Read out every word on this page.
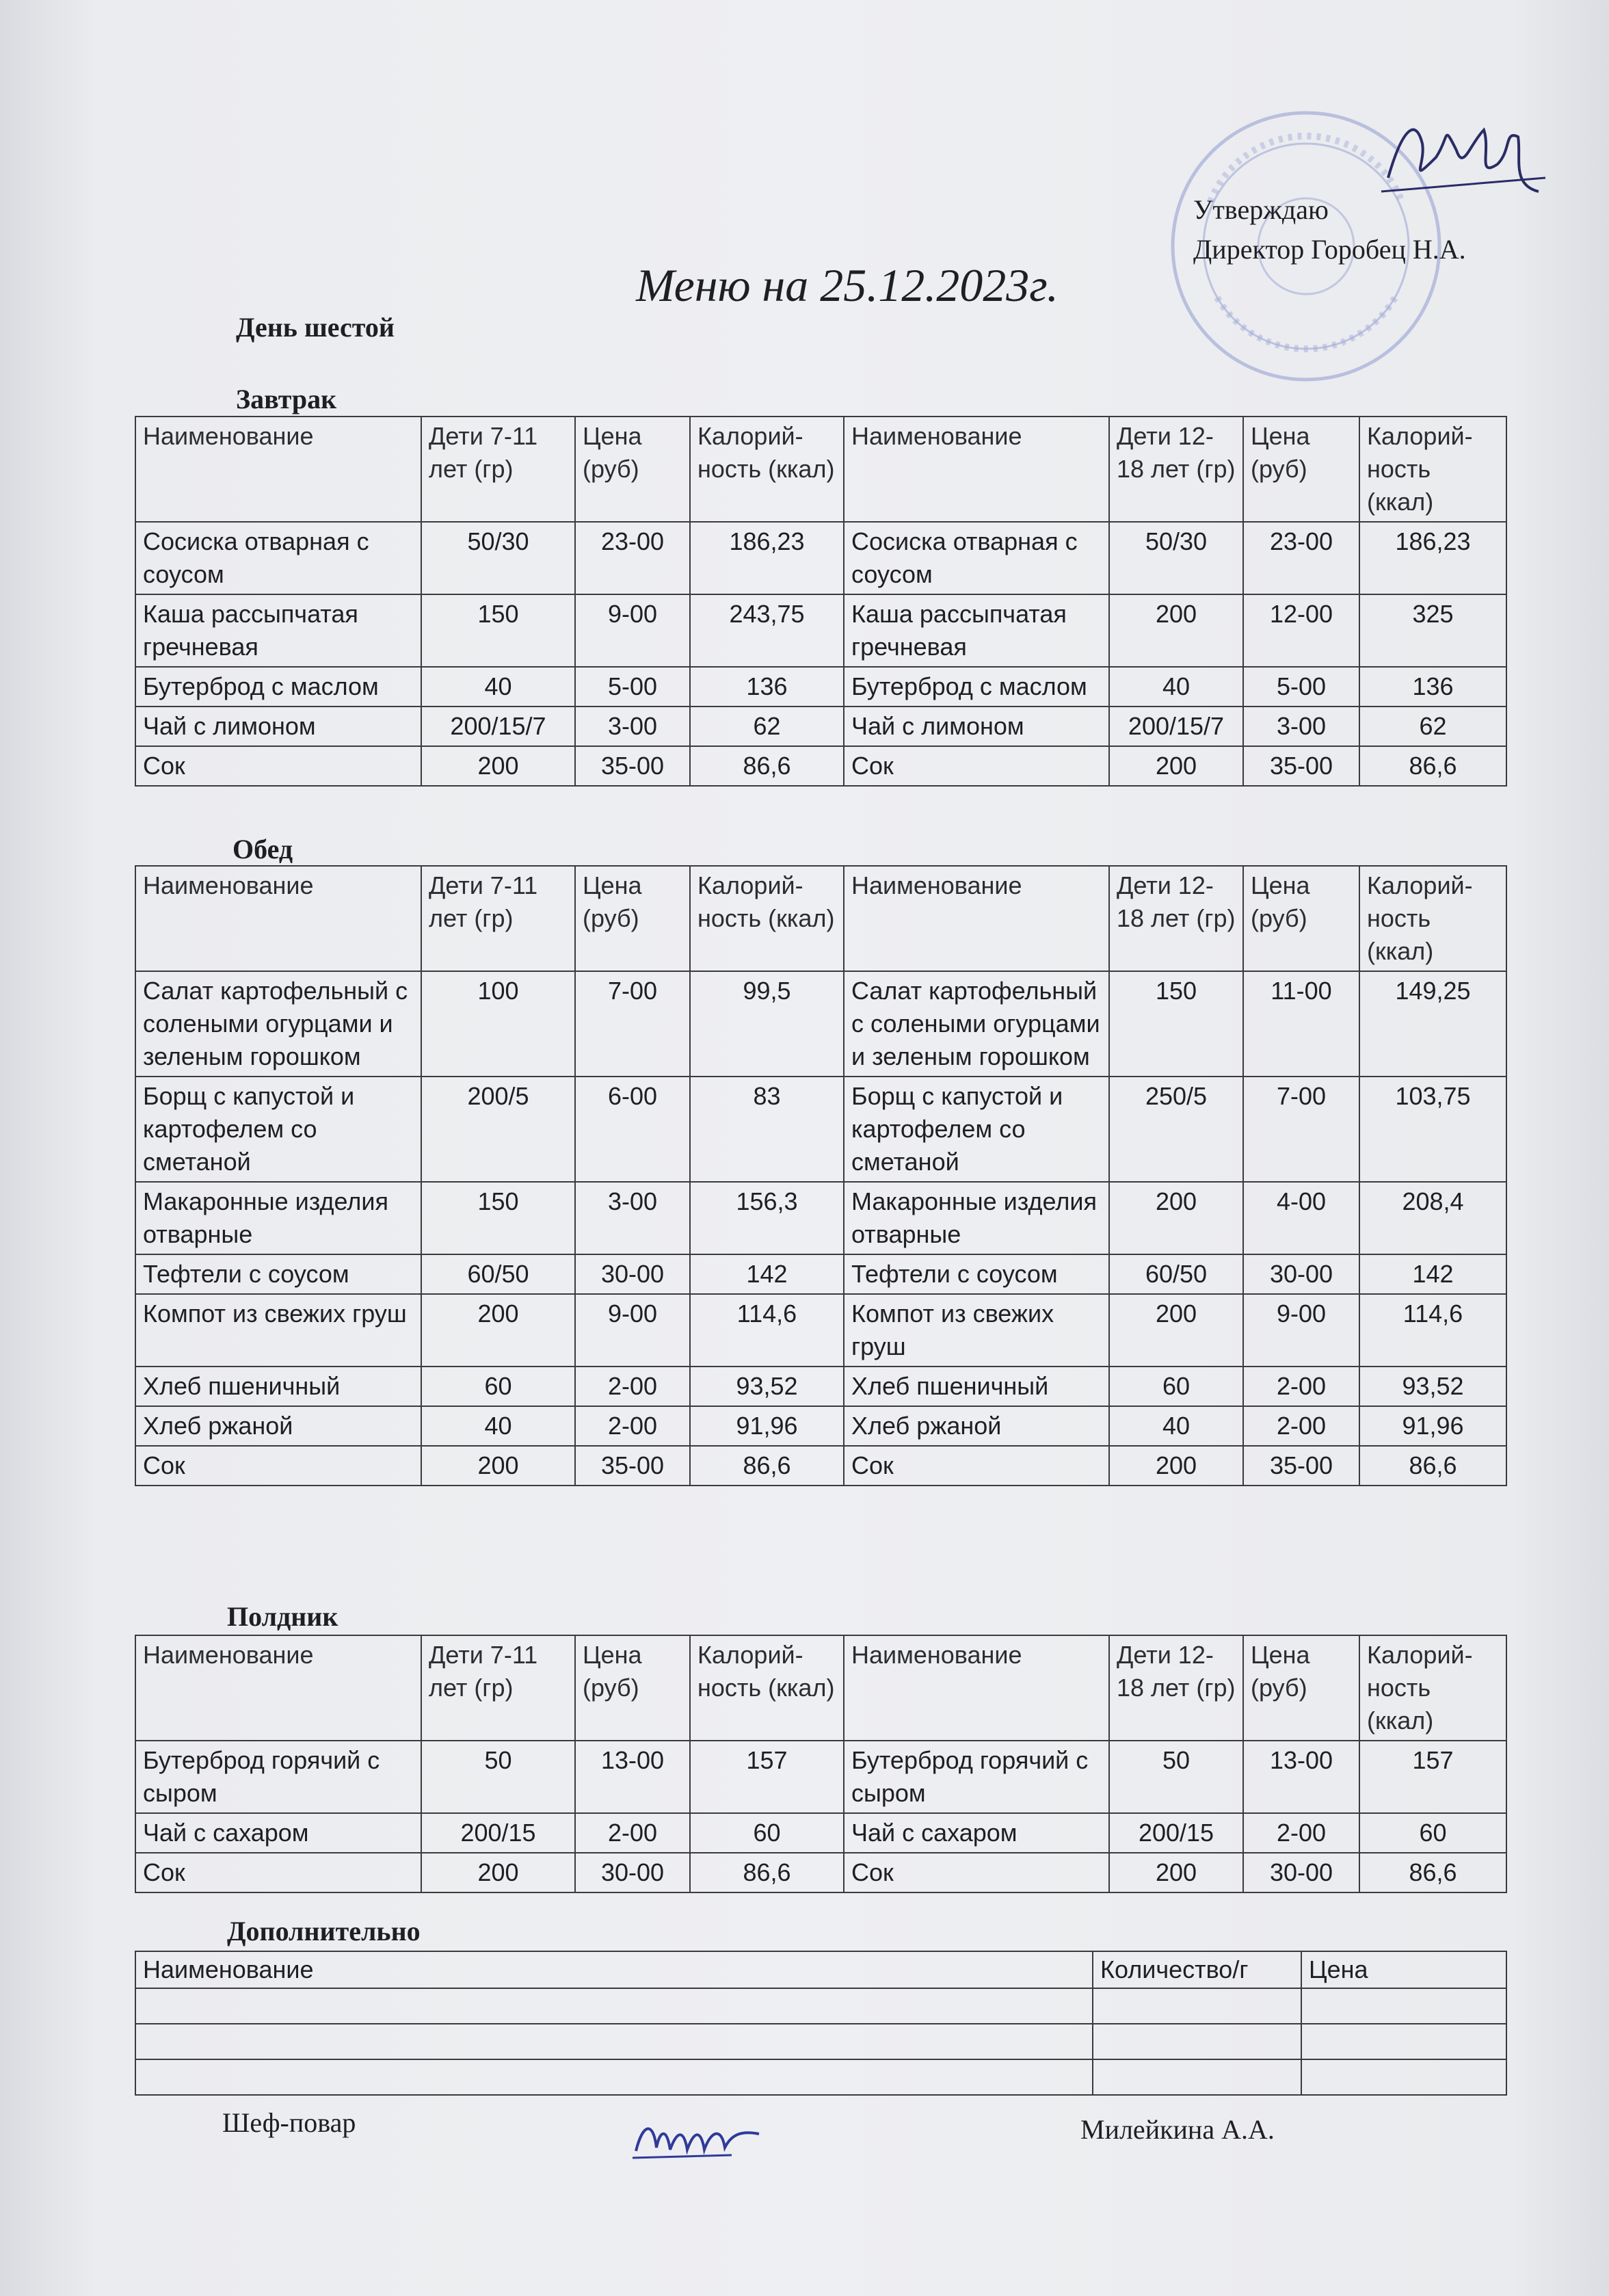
Утверждаю
Директор Горобец Н.А.
Меню на 25.12.2023г.
День шестой
Завтрак
Наименование	Дети 7-11 лет (гр)	Цена (руб)	Калорий-ность (ккал)	Наименование	Дети 12-18 лет (гр)	Цена (руб)	Калорий-ность (ккал)
Сосиска отварная с соусом	50/30	23-00	186,23	Сосиска отварная с соусом	50/30	23-00	186,23
Каша рассыпчатая гречневая	150	9-00	243,75	Каша рассыпчатая гречневая	200	12-00	325
Бутерброд с маслом	40	5-00	136	Бутерброд с маслом	40	5-00	136
Чай с лимоном	200/15/7	3-00	62	Чай с лимоном	200/15/7	3-00	62
Сок	200	35-00	86,6	Сок	200	35-00	86,6
Обед
Наименование	Дети 7-11 лет (гр)	Цена (руб)	Калорий-ность (ккал)	Наименование	Дети 12-18 лет (гр)	Цена (руб)	Калорий-ность (ккал)
Салат картофельный с солеными огурцами и зеленым горошком	100	7-00	99,5	Салат картофельный с солеными огурцами и зеленым горошком	150	11-00	149,25
Борщ с капустой и картофелем со сметаной	200/5	6-00	83	Борщ с капустой и картофелем со сметаной	250/5	7-00	103,75
Макаронные изделия отварные	150	3-00	156,3	Макаронные изделия отварные	200	4-00	208,4
Тефтели с соусом	60/50	30-00	142	Тефтели с соусом	60/50	30-00	142
Компот из свежих груш	200	9-00	114,6	Компот из свежих груш	200	9-00	114,6
Хлеб пшеничный	60	2-00	93,52	Хлеб пшеничный	60	2-00	93,52
Хлеб ржаной	40	2-00	91,96	Хлеб ржаной	40	2-00	91,96
Сок	200	35-00	86,6	Сок	200	35-00	86,6
Полдник
Наименование	Дети 7-11 лет (гр)	Цена (руб)	Калорий-ность (ккал)	Наименование	Дети 12-18 лет (гр)	Цена (руб)	Калорий-ность (ккал)
Бутерброд горячий с сыром	50	13-00	157	Бутерброд горячий с сыром	50	13-00	157
Чай с сахаром	200/15	2-00	60	Чай с сахаром	200/15	2-00	60
Сок	200	30-00	86,6	Сок	200	30-00	86,6
Дополнительно
Наименование	Количество/г	Цена

Шеф-повар	Милейкина А.А.
